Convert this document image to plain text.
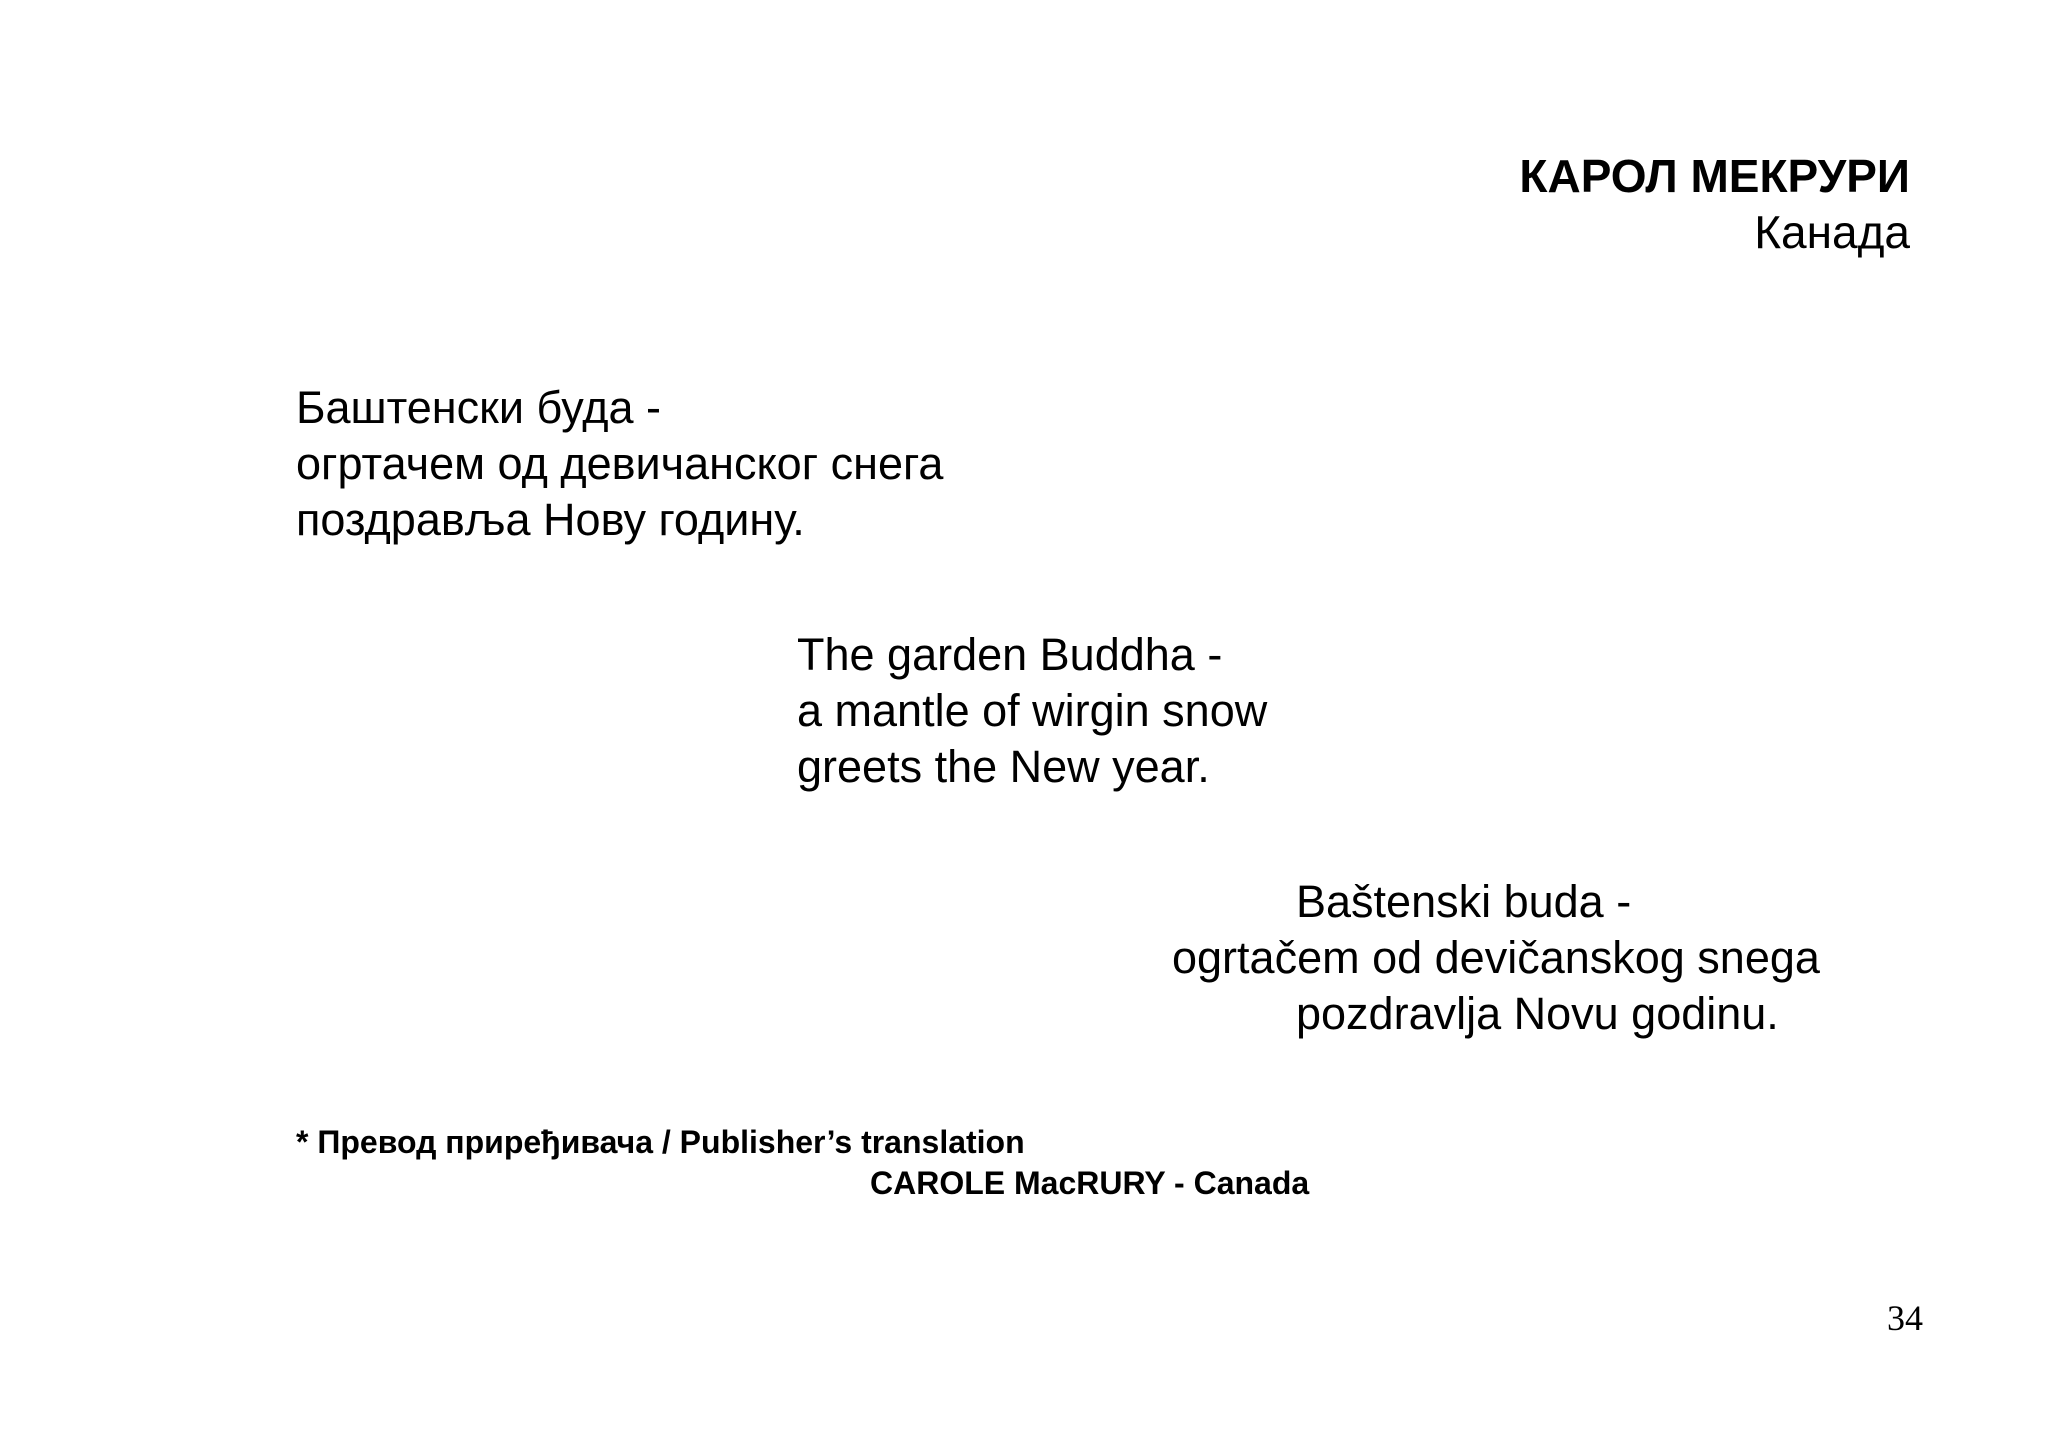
КАРОЛ МЕКРУРИ
Канада
Баштенски буда -
огртачем од девичанског снега
поздравља Нову годину.
The garden Buddha -
a mantle of wirgin snow
greets the New year.
Baštenski buda -
ogrtačem od devičanskog snega
pozdravlja Novu godinu.
* Превод приређивача / Publisher’s translation
CAROLE MacRURY - Canada
34
